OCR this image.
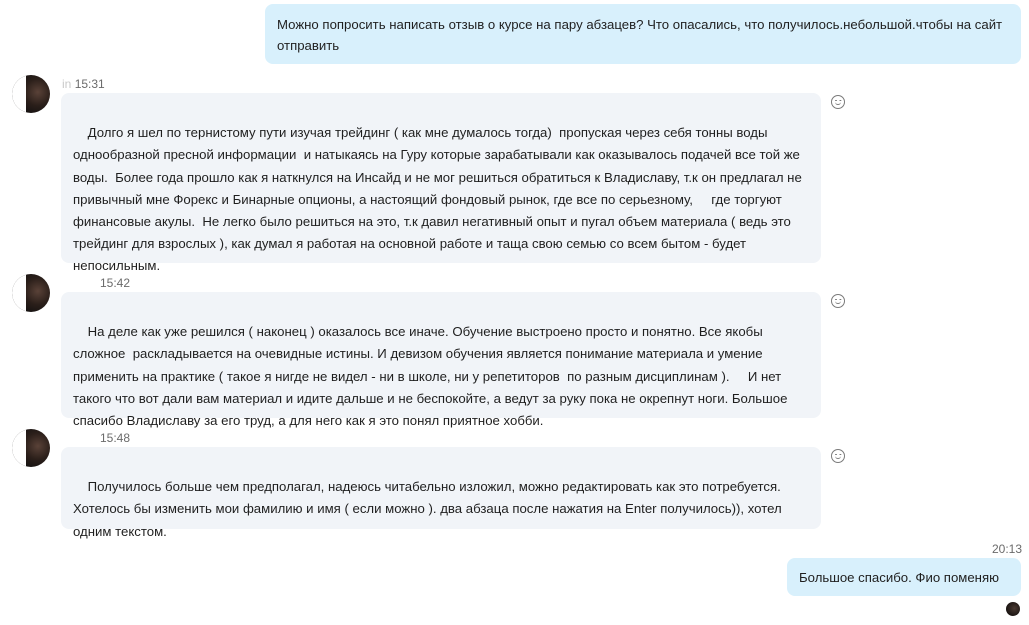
Можно попросить написать отзыв о курсе на пару абзацев? Что опасались, что получилось.небольшой.чтобы на сайт отправить
in 15:31

Долго я шел по тернистому пути изучая трейдинг ( как мне думалось тогда)  пропуская через себя тонны воды однообразной пресной информации  и натыкаясь на Гуру которые зарабатывали как оказывалось подачей все той же воды.  Более года прошло как я наткнулся на Инсайд и не мог решиться обратиться к Владиславу, т.к он предлагал не привычный мне Форекс и Бинарные опционы, а настоящий фондовый рынок, где все по серьезному,     где торгуют финансовые акулы.  Не легко было решиться на это, т.к давил негативный опыт и пугал объем материала ( ведь это трейдинг для взрослых ), как думал я работая на основной работе и таща свою семью со всем бытом - будет непосильным.

15:42

На деле как уже решился ( наконец ) оказалось все иначе. Обучение выстроено просто и понятно. Все якобы сложное  раскладывается на очевидные истины. И девизом обучения является понимание материала и умение применить на практике ( такое я нигде не видел - ни в школе, ни у репетиторов  по разным дисциплинам ).     И нет такого что вот дали вам материал и идите дальше и не беспокойте, а ведут за руку пока не окрепнут ноги. Большое спасибо Владиславу за его труд, а для него как я это понял приятное хобби.

15:48

Получилось больше чем предполагал, надеюсь читабельно изложил, можно редактировать как это потребуется. Хотелось бы изменить мои фамилию и имя ( если можно ). два абзаца после нажатия на Enter получилось)), хотел одним текстом.

20:13
Большое спасибо. Фио поменяю
